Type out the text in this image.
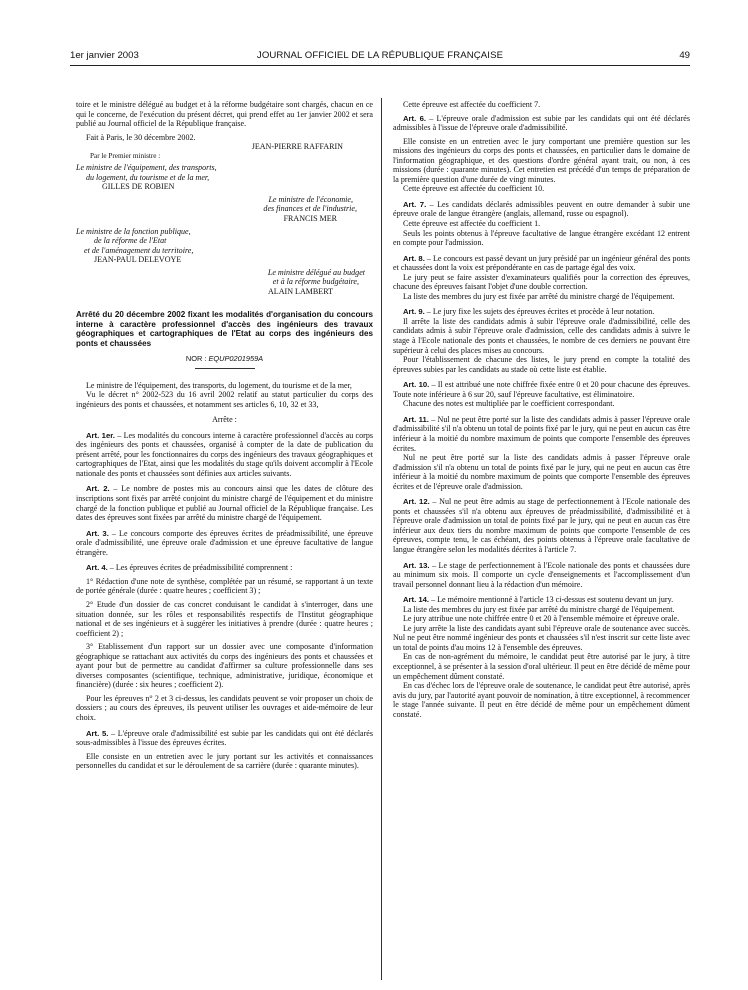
1er janvier 2003	JOURNAL OFFICIEL DE LA RÉPUBLIQUE FRANÇAISE	49

toire et le ministre délégué au budget et à la réforme budgétaire sont chargés, chacun en ce qui le concerne, de l'exécution du présent décret, qui prend effet au 1er janvier 2002 et sera publié au Journal officiel de la République française.

Fait à Paris, le 30 décembre 2002.

JEAN-PIERRE RAFFARIN

Par le Premier ministre :

Le ministre de l'équipement, des transports,

du logement, du tourisme et de la mer,

GILLES DE ROBIEN

Le ministre de l'économie,

des finances et de l'industrie,

FRANCIS MER

Le ministre de la fonction publique,

de la réforme de l'Etat

et de l'aménagement du territoire,

JEAN-PAUL DELEVOYE

Le ministre délégué au budget

et à la réforme budgétaire,

ALAIN LAMBERT

Arrêté du 20 décembre 2002 fixant les modalités d'organisation du concours interne à caractère professionnel d'accès des ingénieurs des travaux géographiques et cartographiques de l'Etat au corps des ingénieurs des ponts et chaussées

NOR : EQUP0201959A

Le ministre de l'équipement, des transports, du logement, du tourisme et de la mer,

Vu le décret n° 2002-523 du 16 avril 2002 relatif au statut particulier du corps des ingénieurs des ponts et chaussées, et notamment ses articles 6, 10, 32 et 33,

Arrête :

Art. 1er. – Les modalités du concours interne à caractère professionnel d'accès au corps des ingénieurs des ponts et chaussées, organisé à compter de la date de publication du présent arrêté, pour les fonctionnaires du corps des ingénieurs des travaux géographiques et cartographiques de l'Etat, ainsi que les modalités du stage qu'ils doivent accomplir à l'Ecole nationale des ponts et chaussées sont définies aux articles suivants.

Art. 2. – Le nombre de postes mis au concours ainsi que les dates de clôture des inscriptions sont fixés par arrêté conjoint du ministre chargé de l'équipement et du ministre chargé de la fonction publique et publié au Journal officiel de la République française. Les dates des épreuves sont fixées par arrêté du ministre chargé de l'équipement.

Art. 3. – Le concours comporte des épreuves écrites de préadmissibilité, une épreuve orale d'admissibilité, une épreuve orale d'admission et une épreuve facultative de langue étrangère.

Art. 4. – Les épreuves écrites de préadmissibilité comprennent :

1° Rédaction d'une note de synthèse, complétée par un résumé, se rapportant à un texte de portée générale (durée : quatre heures ; coefficient 3) ;

2° Etude d'un dossier de cas concret conduisant le candidat à s'interroger, dans une situation donnée, sur les rôles et responsabilités respectifs de l'Institut géographique national et de ses ingénieurs et à suggérer les initiatives à prendre (durée : quatre heures ; coefficient 2) ;

3° Etablissement d'un rapport sur un dossier avec une composante d'information géographique se rattachant aux activités du corps des ingénieurs des ponts et chaussées et ayant pour but de permettre au candidat d'affirmer sa culture professionnelle dans ses diverses composantes (scientifique, technique, administrative, juridique, économique et financière) (durée : six heures ; coefficient 2).

Pour les épreuves n° 2 et 3 ci-dessus, les candidats peuvent se voir proposer un choix de dossiers ; au cours des épreuves, ils peuvent utiliser les ouvrages et aide-mémoire de leur choix.

Art. 5. – L'épreuve orale d'admissibilité est subie par les candidats qui ont été déclarés sous-admissibles à l'issue des épreuves écrites.

Elle consiste en un entretien avec le jury portant sur les activités et connaissances personnelles du candidat et sur le déroulement de sa carrière (durée : quarante minutes).

Cette épreuve est affectée du coefficient 7.

Art. 6. – L'épreuve orale d'admission est subie par les candidats qui ont été déclarés admissibles à l'issue de l'épreuve orale d'admissibilité.

Elle consiste en un entretien avec le jury comportant une première question sur les missions des ingénieurs du corps des ponts et chaussées, en particulier dans le domaine de l'information géographique, et des questions d'ordre général ayant trait, ou non, à ces missions (durée : quarante minutes). Cet entretien est précédé d'un temps de préparation de la première question d'une durée de vingt minutes.

Cette épreuve est affectée du coefficient 10.

Art. 7. – Les candidats déclarés admissibles peuvent en outre demander à subir une épreuve orale de langue étrangère (anglais, allemand, russe ou espagnol).

Cette épreuve est affectée du coefficient 1.

Seuls les points obtenus à l'épreuve facultative de langue étrangère excédant 12 entrent en compte pour l'admission.

Art. 8. – Le concours est passé devant un jury présidé par un ingénieur général des ponts et chaussées dont la voix est prépondérante en cas de partage égal des voix.

Le jury peut se faire assister d'examinateurs qualifiés pour la correction des épreuves, chacune des épreuves faisant l'objet d'une double correction.

La liste des membres du jury est fixée par arrêté du ministre chargé de l'équipement.

Art. 9. – Le jury fixe les sujets des épreuves écrites et procède à leur notation.

Il arrête la liste des candidats admis à subir l'épreuve orale d'admissibilité, celle des candidats admis à subir l'épreuve orale d'admission, celle des candidats admis à suivre le stage à l'Ecole nationale des ponts et chaussées, le nombre de ces derniers ne pouvant être supérieur à celui des places mises au concours.

Pour l'établissement de chacune des listes, le jury prend en compte la totalité des épreuves subies par les candidats au stade où cette liste est établie.

Art. 10. – Il est attribué une note chiffrée fixée entre 0 et 20 pour chacune des épreuves. Toute note inférieure à 6 sur 20, sauf l'épreuve facultative, est éliminatoire.

Chacune des notes est multipliée par le coefficient correspondant.

Art. 11. – Nul ne peut être porté sur la liste des candidats admis à passer l'épreuve orale d'admissibilité s'il n'a obtenu un total de points fixé par le jury, qui ne peut en aucun cas être inférieur à la moitié du nombre maximum de points que comporte l'ensemble des épreuves écrites.

Nul ne peut être porté sur la liste des candidats admis à passer l'épreuve orale d'admission s'il n'a obtenu un total de points fixé par le jury, qui ne peut en aucun cas être inférieur à la moitié du nombre maximum de points que comporte l'ensemble des épreuves écrites et de l'épreuve orale d'admission.

Art. 12. – Nul ne peut être admis au stage de perfectionnement à l'Ecole nationale des ponts et chaussées s'il n'a obtenu aux épreuves de préadmissibilité, d'admissibilité et à l'épreuve orale d'admission un total de points fixé par le jury, qui ne peut en aucun cas être inférieur aux deux tiers du nombre maximum de points que comporte l'ensemble de ces épreuves, compte tenu, le cas échéant, des points obtenus à l'épreuve orale facultative de langue étrangère selon les modalités décrites à l'article 7.

Art. 13. – Le stage de perfectionnement à l'Ecole nationale des ponts et chaussées dure au minimum six mois. Il comporte un cycle d'enseignements et l'accomplissement d'un travail personnel donnant lieu à la rédaction d'un mémoire.

Art. 14. – Le mémoire mentionné à l'article 13 ci-dessus est soutenu devant un jury.

La liste des membres du jury est fixée par arrêté du ministre chargé de l'équipement.

Le jury attribue une note chiffrée entre 0 et 20 à l'ensemble mémoire et épreuve orale.

Le jury arrête la liste des candidats ayant subi l'épreuve orale de soutenance avec succès. Nul ne peut être nommé ingénieur des ponts et chaussées s'il n'est inscrit sur cette liste avec un total de points d'au moins 12 à l'ensemble des épreuves.

En cas de non-agrément du mémoire, le candidat peut être autorisé par le jury, à titre exceptionnel, à se présenter à la session d'oral ultérieur. Il peut en être décidé de même pour un empêchement dûment constaté.

En cas d'échec lors de l'épreuve orale de soutenance, le candidat peut être autorisé, après avis du jury, par l'autorité ayant pouvoir de nomination, à titre exceptionnel, à recommencer le stage l'année suivante. Il peut en être décidé de même pour un empêchement dûment constaté.
